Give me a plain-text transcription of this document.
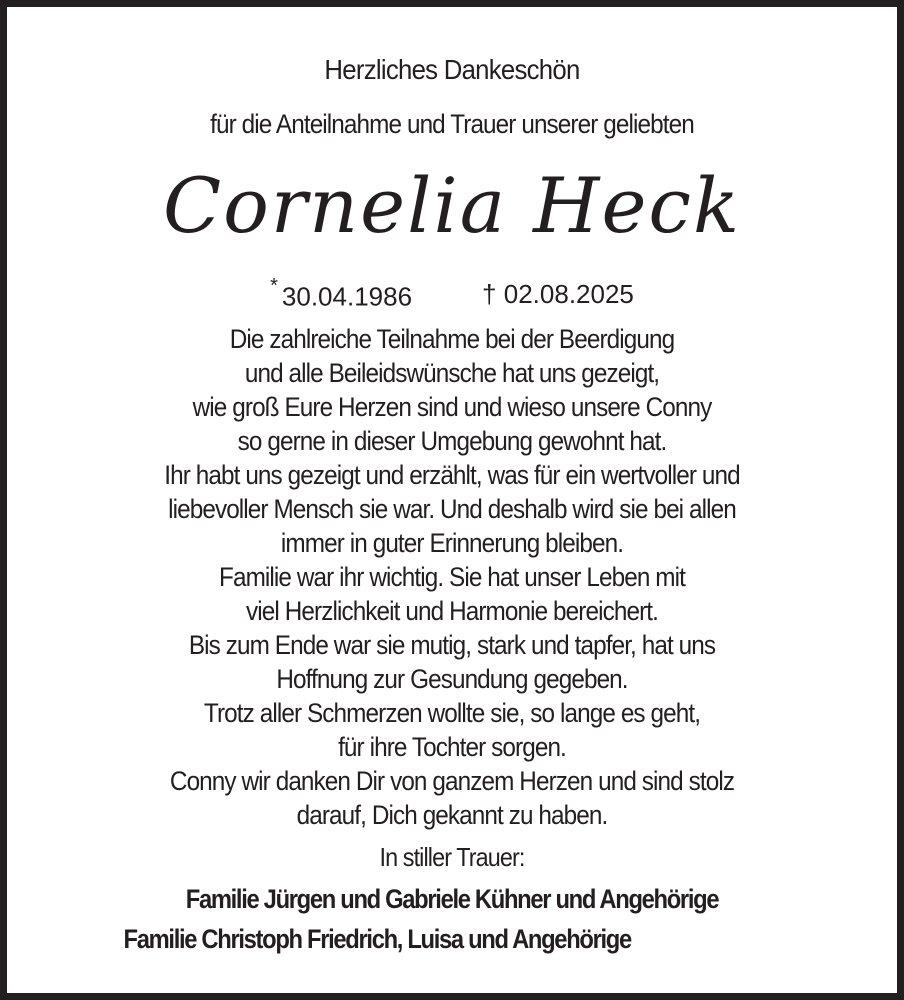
Herzliches Dankeschön
für die Anteilnahme und Trauer unserer geliebten
Cornelia Heck
* 30.04.1986	† 02.08.2025
Die zahlreiche Teilnahme bei der Beerdigung
und alle Beileidswünsche hat uns gezeigt,
wie groß Eure Herzen sind und wieso unsere Conny
so gerne in dieser Umgebung gewohnt hat.
Ihr habt uns gezeigt und erzählt, was für ein wertvoller und
liebevoller Mensch sie war. Und deshalb wird sie bei allen
immer in guter Erinnerung bleiben.
Familie war ihr wichtig. Sie hat unser Leben mit
viel Herzlichkeit und Harmonie bereichert.
Bis zum Ende war sie mutig, stark und tapfer, hat uns
Hoffnung zur Gesundung gegeben.
Trotz aller Schmerzen wollte sie, so lange es geht,
für ihre Tochter sorgen.
Conny wir danken Dir von ganzem Herzen und sind stolz
darauf, Dich gekannt zu haben.
In stiller Trauer:
Familie Jürgen und Gabriele Kühner und Angehörige
Familie Christoph Friedrich, Luisa und Angehörige
